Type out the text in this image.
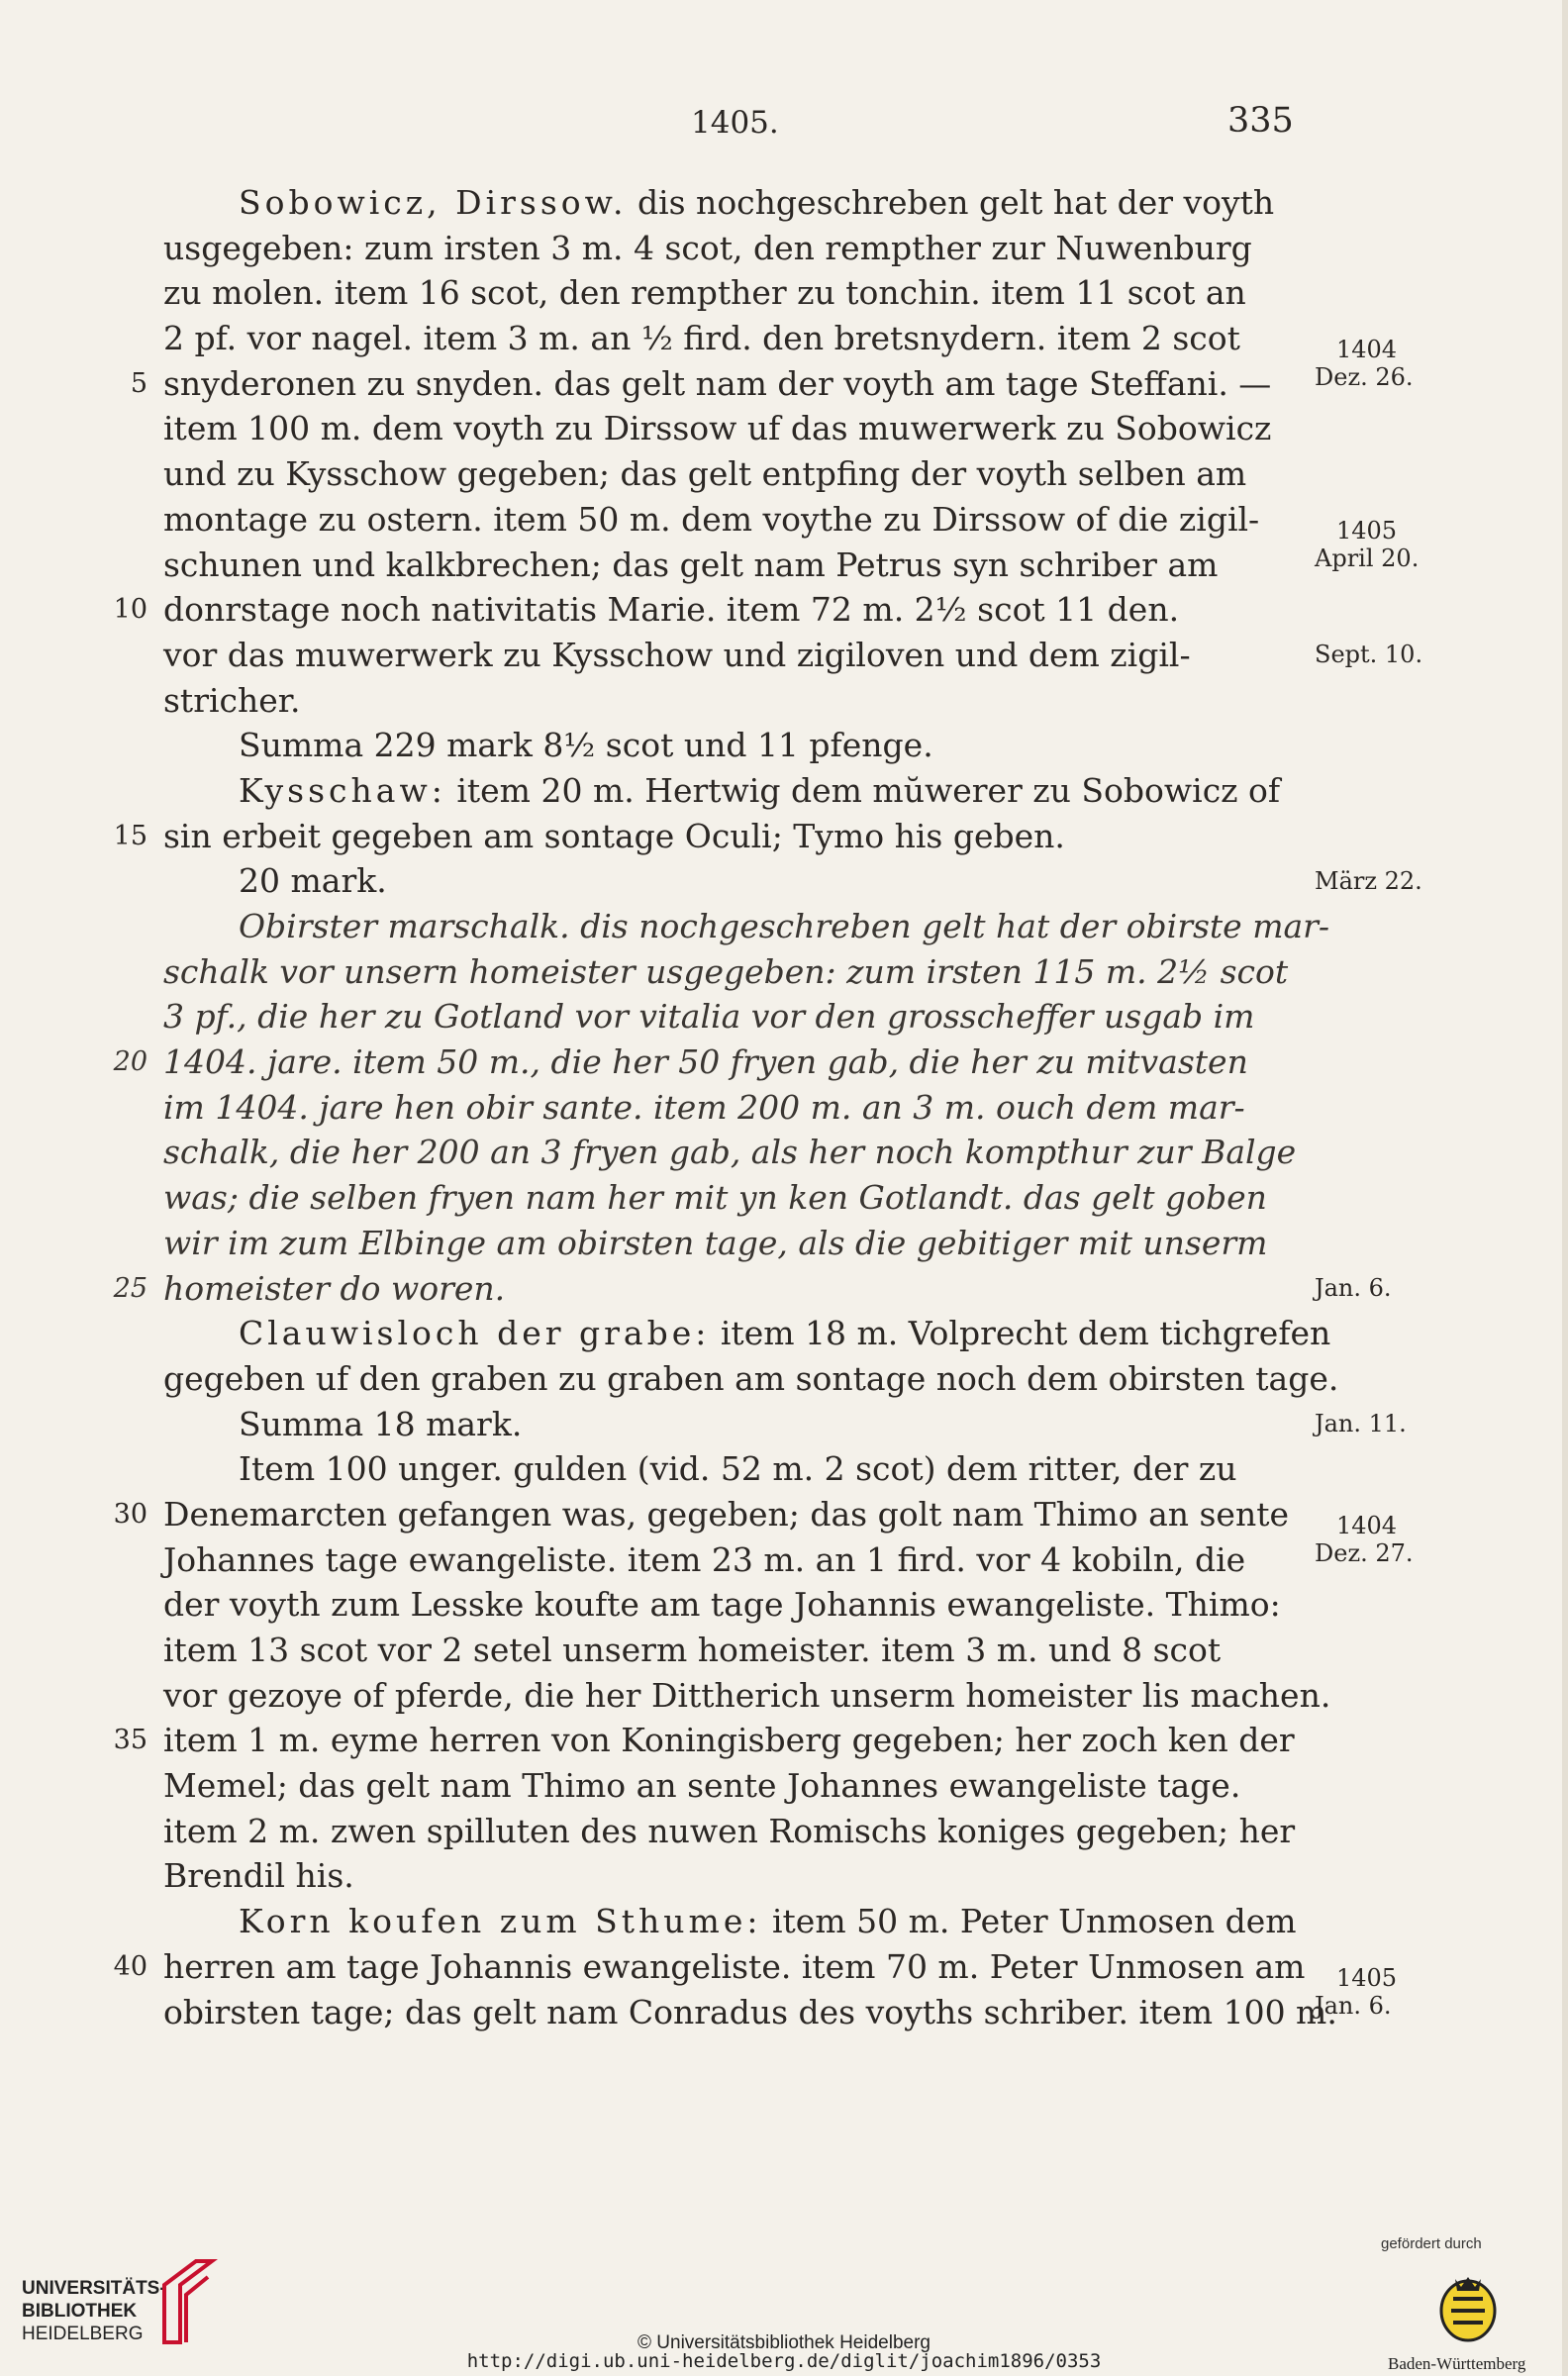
1405.	335
Sobowicz, Dirssow. dis nochgeschreben gelt hat der voyth
usgegeben: zum irsten 3 m. 4 scot, den rempther zur Nuwenburg
zu molen. item 16 scot, den rempther zu tonchin. item 11 scot an
2 pf. vor nagel. item 3 m. an ½ fird. den bretsnydern. item 2 scot
5 snyderonen zu snyden. das gelt nam der voyth am tage Steffani. —
item 100 m. dem voyth zu Dirssow uf das muwerwerk zu Sobowicz
und zu Kysschow gegeben; das gelt entpfing der voyth selben am
montage zu ostern. item 50 m. dem voythe zu Dirssow of die zigil-
schunen und kalkbrechen; das gelt nam Petrus syn schriber am
10 donrstage noch nativitatis Marie. item 72 m. 2½ scot 11 den.
vor das muwerwerk zu Kysschow und zigiloven und dem zigil-
stricher.
Summa 229 mark 8½ scot und 11 pfenge.
Kysschaw: item 20 m. Hertwig dem mŭwerer zu Sobowicz of
15 sin erbeit gegeben am sontage Oculi; Tymo his geben.
20 mark.
Obirster marschalk. dis nochgeschreben gelt hat der obirste mar-
schalk vor unsern homeister usgegeben: zum irsten 115 m. 2½ scot
3 pf., die her zu Gotland vor vitalia vor den grosscheffer usgab im
20 1404. jare. item 50 m., die her 50 fryen gab, die her zu mitvasten
im 1404. jare hen obir sante. item 200 m. an 3 m. ouch dem mar-
schalk, die her 200 an 3 fryen gab, als her noch kompthur zur Balge
was; die selben fryen nam her mit yn ken Gotlandt. das gelt goben
wir im zum Elbinge am obirsten tage, als die gebitiger mit unserm
25 homeister do woren.
Clauwisloch der grabe: item 18 m. Volprecht dem tichgrefen
gegeben uf den graben zu graben am sontage noch dem obirsten tage.
Summa 18 mark.
Item 100 unger. gulden (vid. 52 m. 2 scot) dem ritter, der zu
30 Denemarcten gefangen was, gegeben; das golt nam Thimo an sente
Johannes tage ewangeliste. item 23 m. an 1 fird. vor 4 kobiln, die
der voyth zum Lesske koufte am tage Johannis ewangeliste. Thimo:
item 13 scot vor 2 setel unserm homeister. item 3 m. und 8 scot
vor gezoye of pferde, die her Dittherich unserm homeister lis machen.
35 item 1 m. eyme herren von Koningisberg gegeben; her zoch ken der
Memel; das gelt nam Thimo an sente Johannes ewangeliste tage.
item 2 m. zwen spilluten des nuwen Romischs koniges gegeben; her
Brendil his.
Korn koufen zum Sthume: item 50 m. Peter Unmosen dem
40 herren am tage Johannis ewangeliste. item 70 m. Peter Unmosen am
obirsten tage; das gelt nam Conradus des voyths schriber. item 100 m.
1404
Dez. 26.
1405
April 20.
Sept. 10.
März 22.
Jan. 6.
Jan. 11.
1404
Dez. 27.
1405
Jan. 6.
UNIVERSITÄTS-
BIBLIOTHEK
HEIDELBERG	© Universitätsbibliothek Heidelberg
http://digi.ub.uni-heidelberg.de/diglit/joachim1896/0353
gefördert durch
Baden-Württemberg
